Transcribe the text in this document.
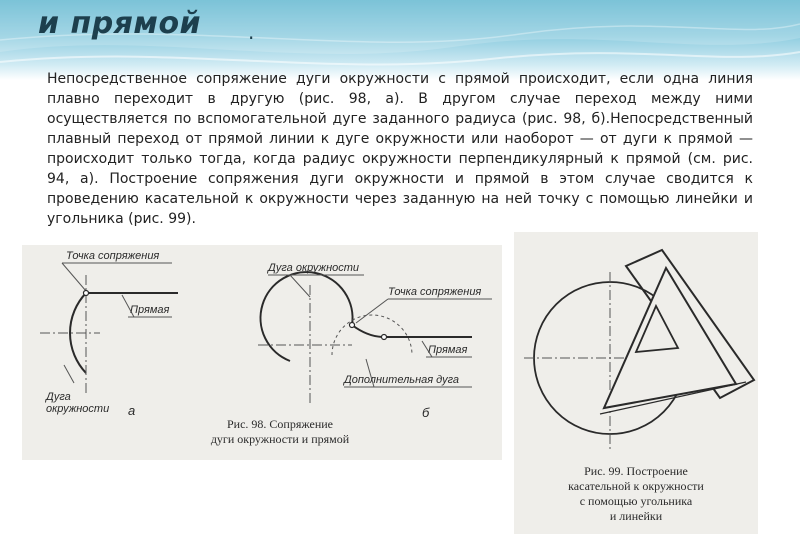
и прямой .

Непосредственное сопряжение дуги окружности с прямой происходит, если одна линия плавно переходит в другую (рис. 98, а). В другом случае переход между ними осуществляется по вспомогательной дуге заданного радиуса (рис. 98, б).Непосредственный плавный переход от прямой линии к дуге окружности или наоборот — от дуги к прямой — происходит только тогда, когда радиус окружности перпендикулярный к прямой (см. рис. 94, а). Построение сопряжения дуги окружности и прямой в этом случае сводится к проведению касательной к окружности через заданную на ней точку с помощью линейки и угольника (рис. 99).

Точка сопряжения
Прямая
Дуга
окружности а
Дуга окружности
Точка сопряжения
Прямая
Дополнительная дуга
б
Рис. 98. Сопряжение
дуги окружности и прямой
Рис. 99. Построение
касательной к окружности
с помощью угольника
и линейки
